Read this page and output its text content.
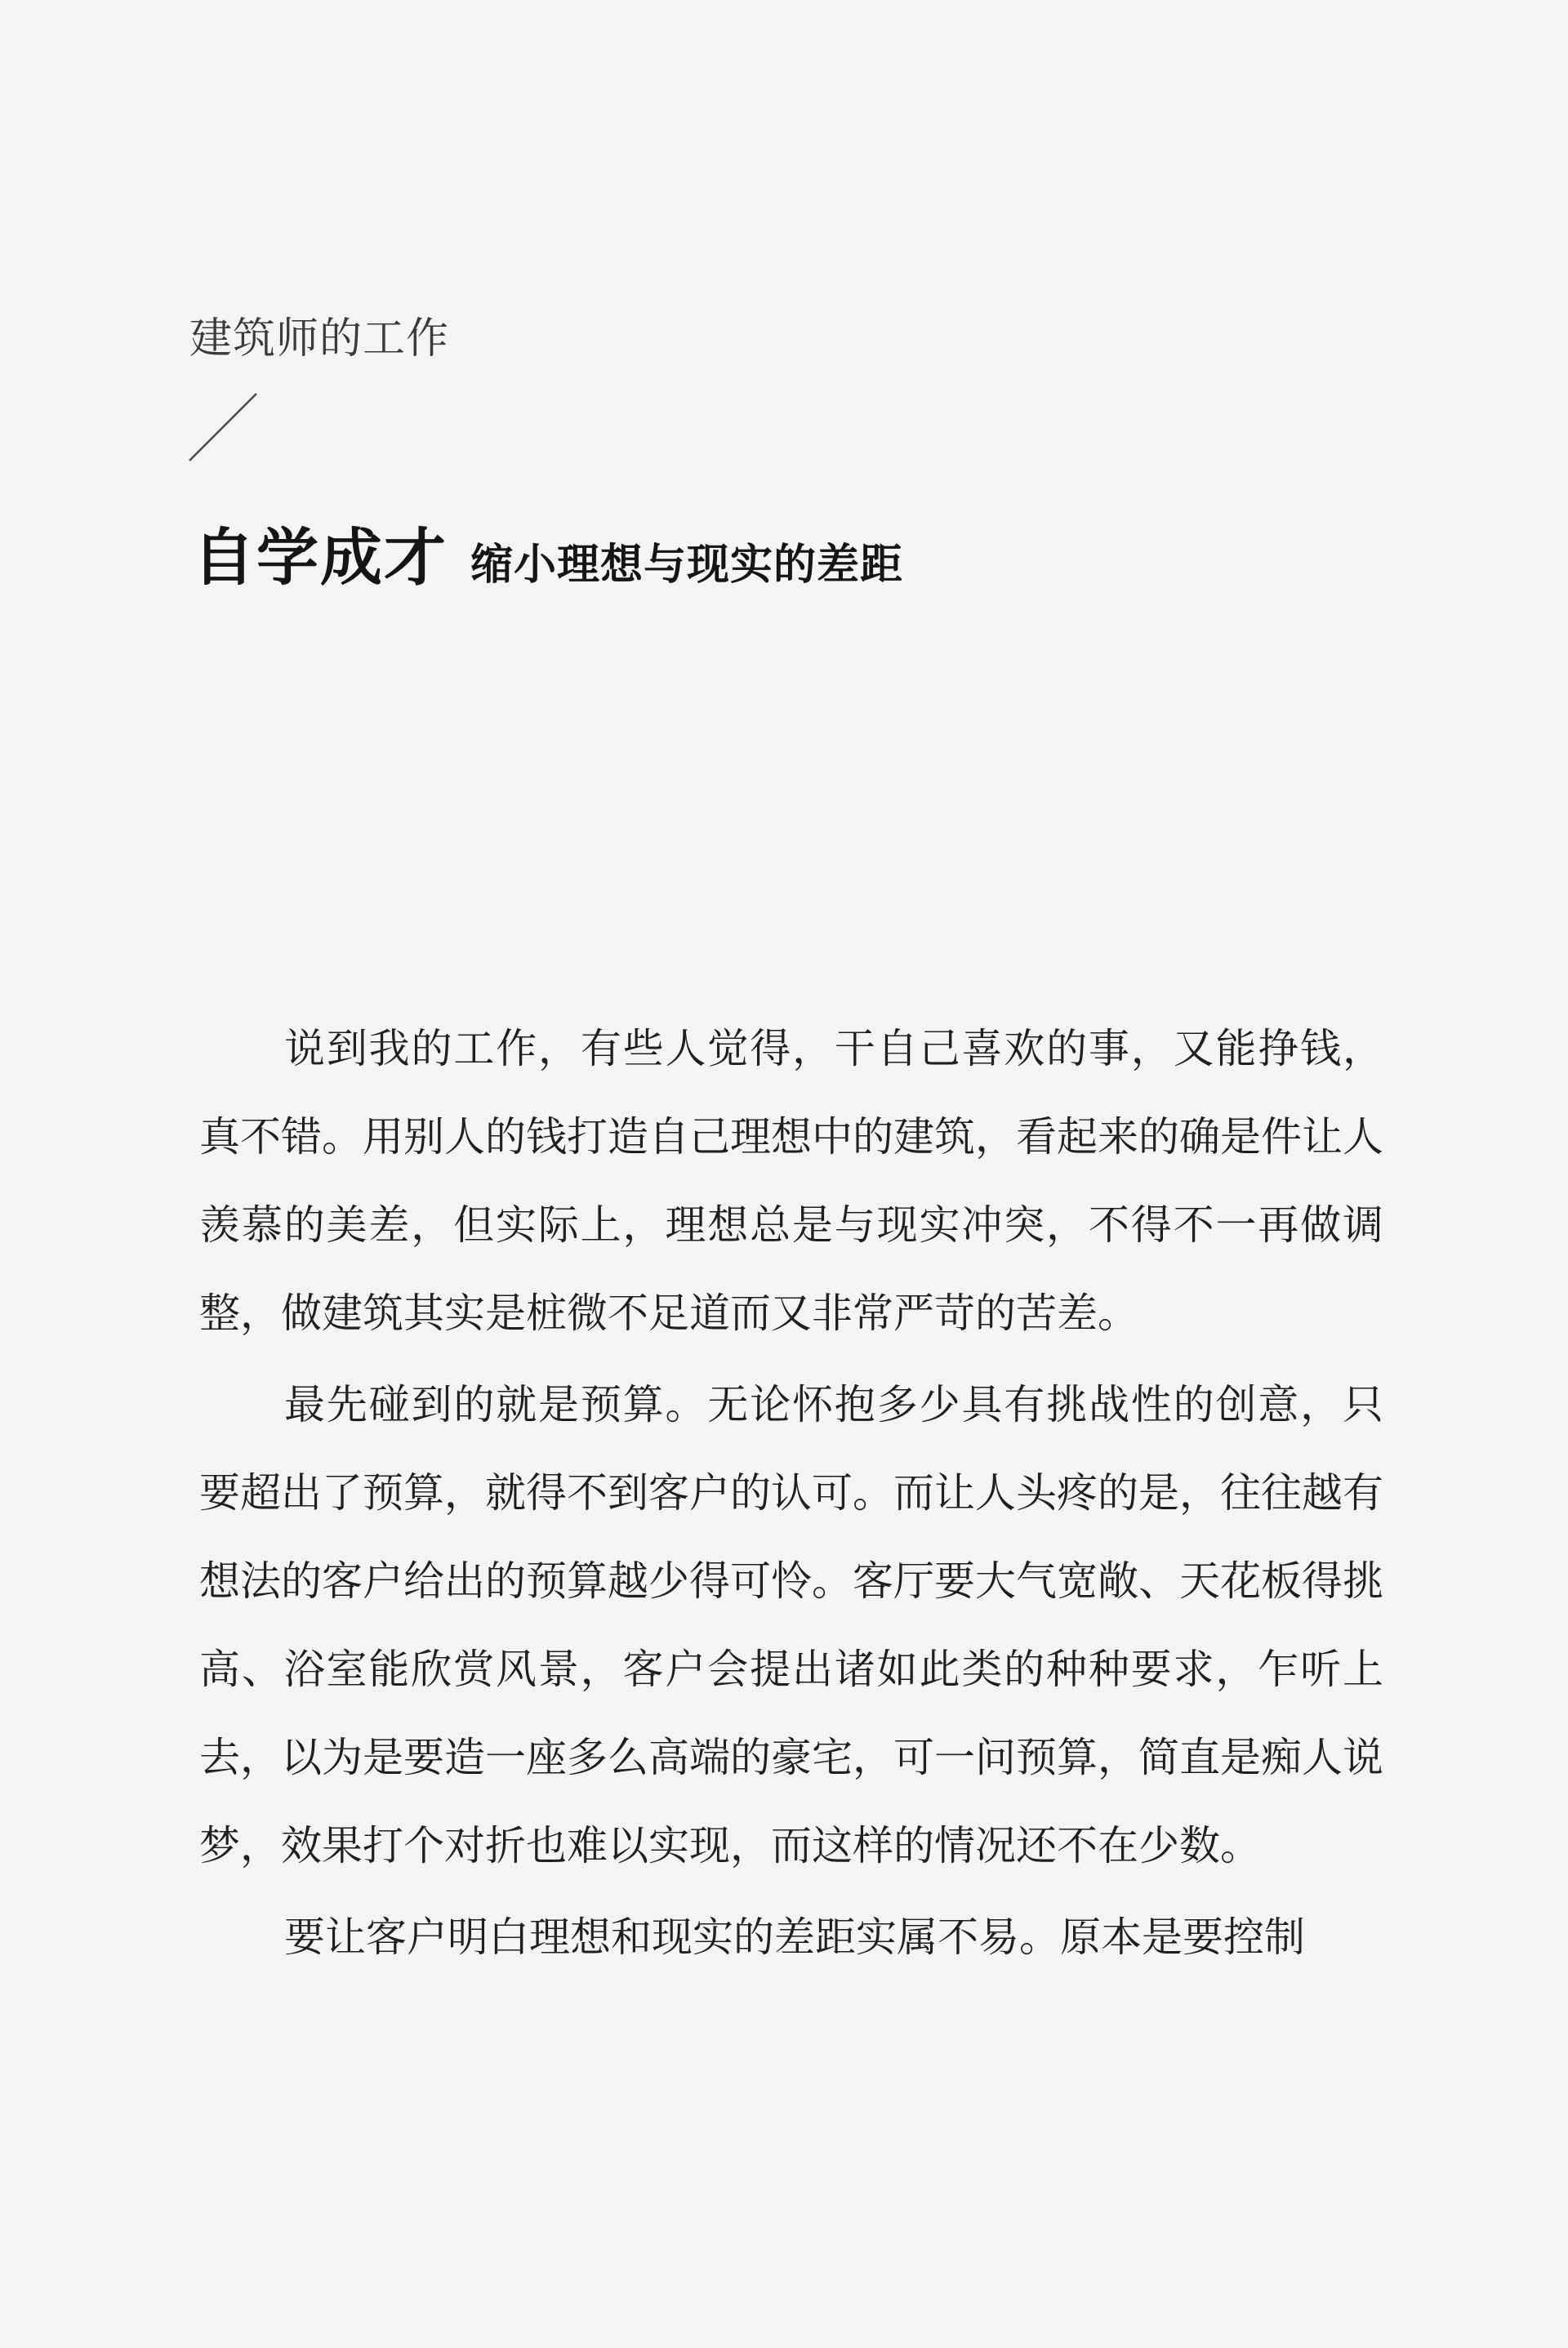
建筑师的工作
自学成才 缩小理想与现实的差距

说到我的工作，有些人觉得，干自己喜欢的事，又能挣钱，真不错。用别人的钱打造自己理想中的建筑，看起来的确是件让人羡慕的美差，但实际上，理想总是与现实冲突，不得不一再做调整，做建筑其实是桩微不足道而又非常严苛的苦差。

最先碰到的就是预算。无论怀抱多少具有挑战性的创意，只要超出了预算，就得不到客户的认可。而让人头疼的是，往往越有想法的客户给出的预算越少得可怜。客厅要大气宽敞、天花板得挑高、浴室能欣赏风景，客户会提出诸如此类的种种要求，乍听上去，以为是要造一座多么高端的豪宅，可一问预算，简直是痴人说梦，效果打个对折也难以实现，而这样的情况还不在少数。

要让客户明白理想和现实的差距实属不易。原本是要控制
